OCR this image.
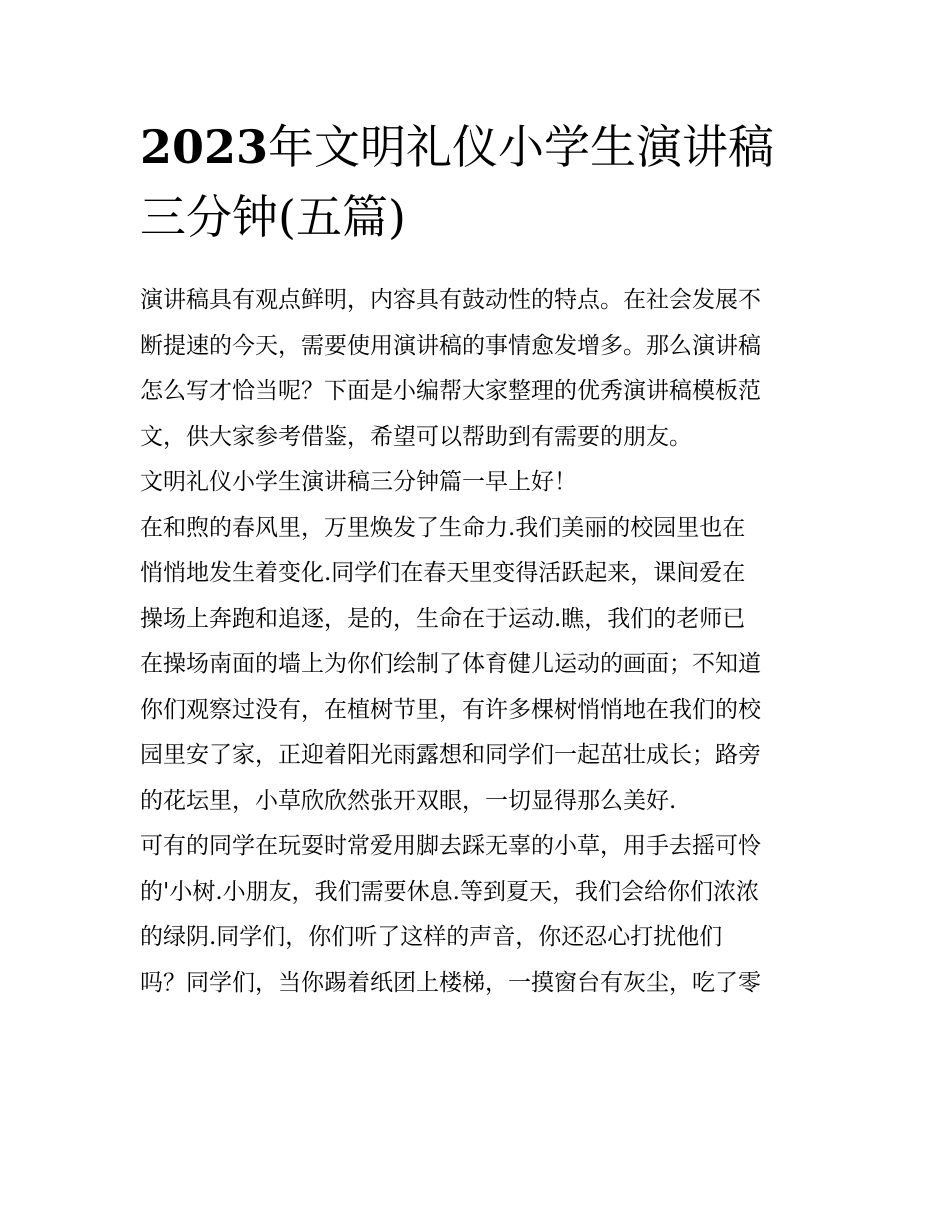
2023年文明礼仪小学生演讲稿
三分钟(五篇)
演讲稿具有观点鲜明，内容具有鼓动性的特点。在社会发展不
断提速的今天，需要使用演讲稿的事情愈发增多。那么演讲稿
怎么写才恰当呢？下面是小编帮大家整理的优秀演讲稿模板范
文，供大家参考借鉴，希望可以帮助到有需要的朋友。
文明礼仪小学生演讲稿三分钟篇一早上好！
在和煦的春风里，万里焕发了生命力.我们美丽的校园里也在
悄悄地发生着变化.同学们在春天里变得活跃起来，课间爱在
操场上奔跑和追逐，是的，生命在于运动.瞧，我们的老师已
在操场南面的墙上为你们绘制了体育健儿运动的画面；不知道
你们观察过没有，在植树节里，有许多棵树悄悄地在我们的校
园里安了家，正迎着阳光雨露想和同学们一起茁壮成长；路旁
的花坛里，小草欣欣然张开双眼，一切显得那么美好.
可有的同学在玩耍时常爱用脚去踩无辜的小草，用手去摇可怜
的'小树.小朋友，我们需要休息.等到夏天，我们会给你们浓浓
的绿阴.同学们，你们听了这样的声音，你还忍心打扰他们
吗？同学们，当你踢着纸团上楼梯，一摸窗台有灰尘，吃了零
